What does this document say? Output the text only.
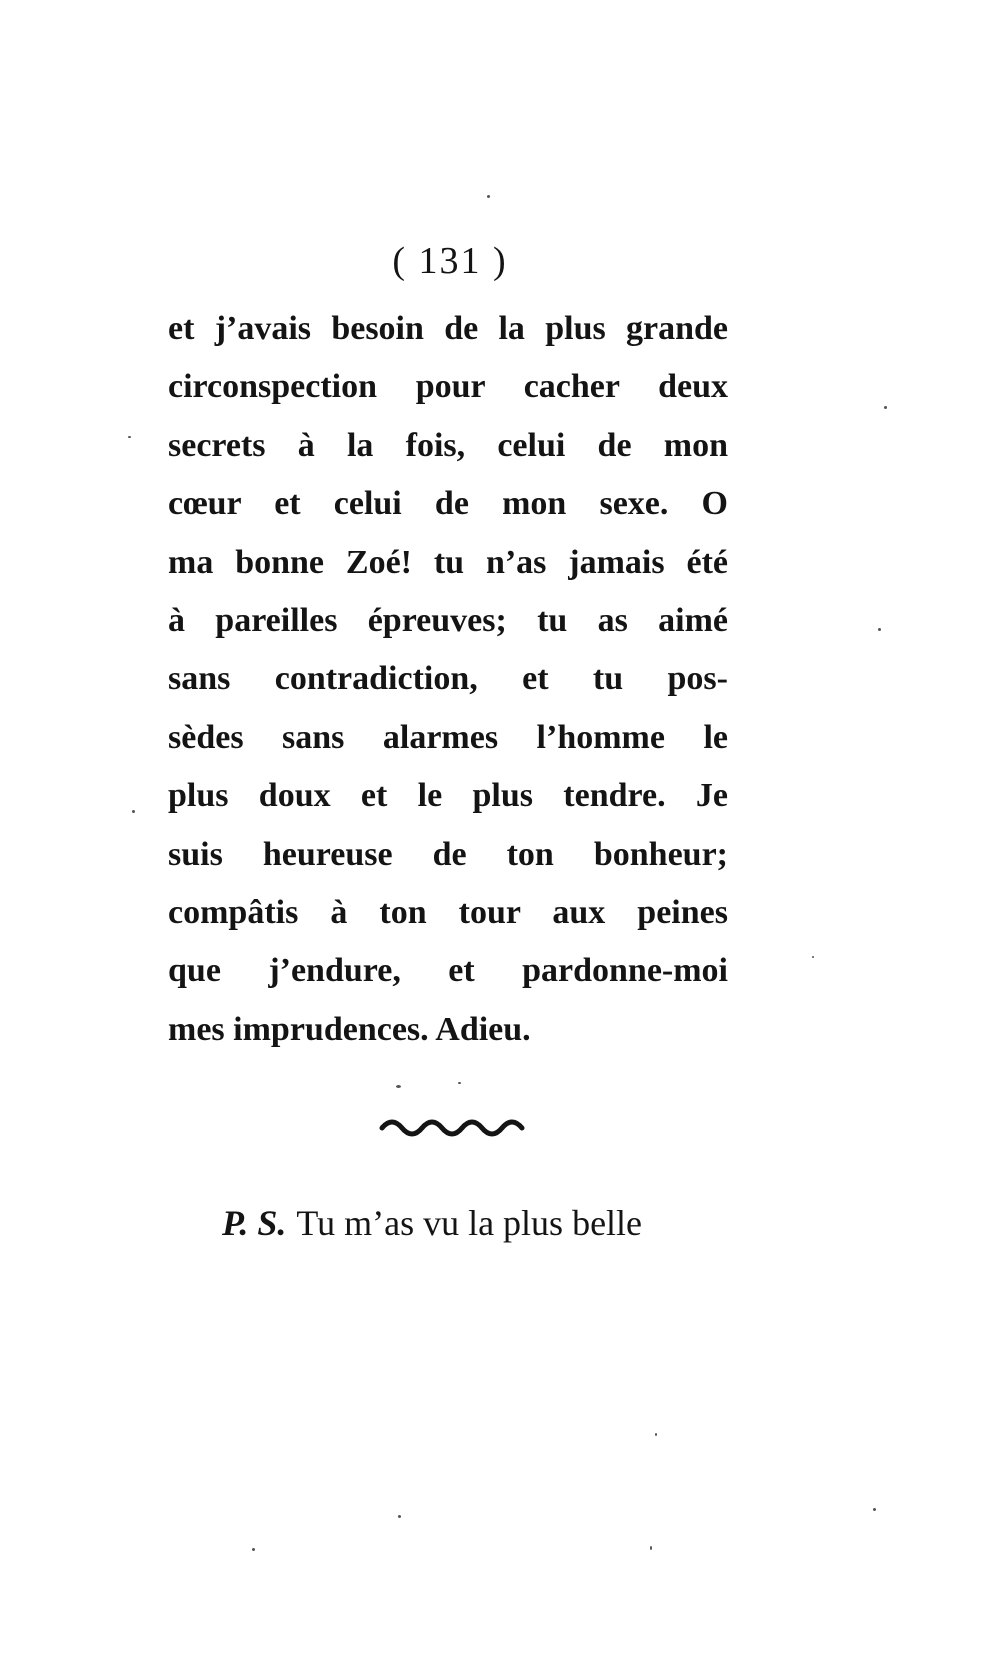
( 131 )
et j’avais besoin de la plus grande
circonspection pour cacher deux
secrets à la fois, celui de mon
cœur et celui de mon sexe. O
ma bonne Zoé! tu n’as jamais été
à pareilles épreuves; tu as aimé
sans contradiction, et tu pos-
sèdes sans alarmes l’homme le
plus doux et le plus tendre. Je
suis heureuse de ton bonheur;
compâtis à ton tour aux peines
que j’endure, et pardonne-moi
mes imprudences. Adieu.
P. S. Tu m’as vu la plus belle
